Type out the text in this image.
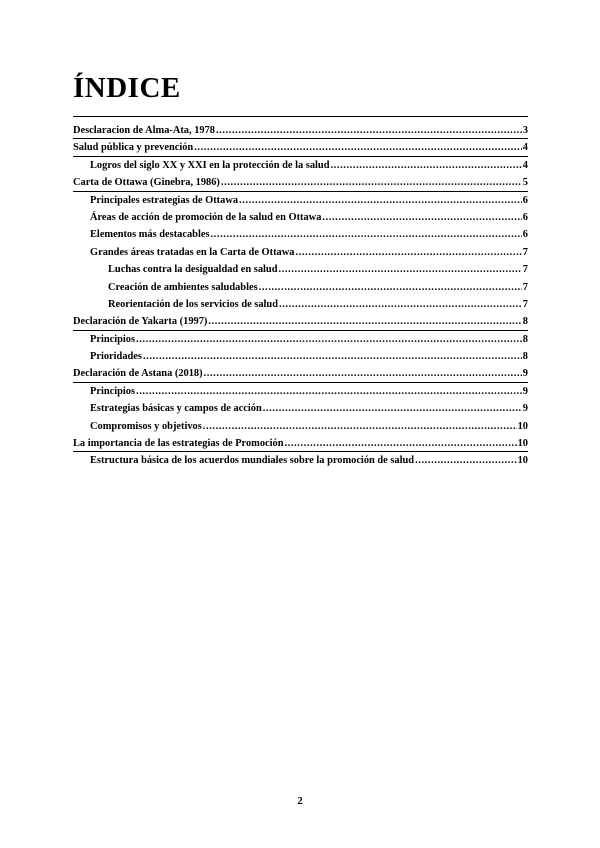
ÍNDICE
Desclaracion de Alma-Ata, 1978 .....	3
Salud pública y prevención .....	4
Logros del siglo XX y XXI en la protección de la salud .....	4
Carta de Ottawa (Ginebra, 1986) .....	5
Principales estrategias de Ottawa .....	6
Áreas de acción de promoción de la salud en Ottawa .....	6
Elementos más destacables .....	6
Grandes áreas tratadas en la Carta de Ottawa .....	7
Luchas contra la desigualdad en salud .....	7
Creación de ambientes saludables .....	7
Reorientación de los servicios de salud .....	7
Declaración de Yakarta (1997) .....	8
Principios .....	8
Prioridades .....	8
Declaración de Astana (2018) .....	9
Principios .....	9
Estrategias básicas y campos de acción .....	9
Compromisos y objetivos .....	10
La importancia de las estrategias de Promoción .....	10
Estructura básica de los acuerdos mundiales sobre la promoción de salud .....	10
2
